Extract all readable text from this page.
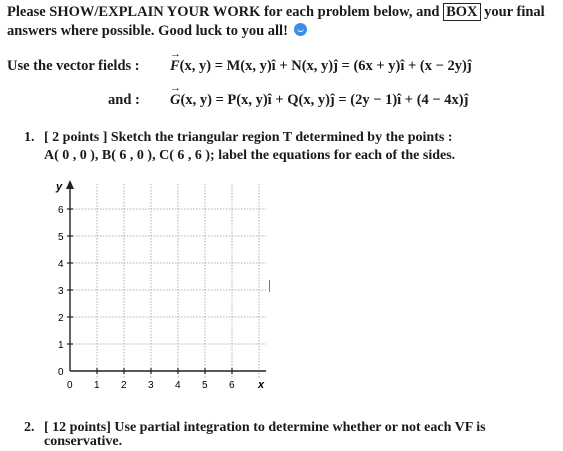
Please SHOW/EXPLAIN YOUR WORK for each problem below, and BOX your final
answers where possible. Good luck to you all!
Use the vector fields : → F(x, y) = M(x, y)î + N(x, y)ĵ = (6x + y)î + (x − 2y)ĵ
and : → G(x, y) = P(x, y)î + Q(x, y)ĵ = (2y − 1)î + (4 − 4x)ĵ
1. [ 2 points ] Sketch the triangular region T determined by the points :
A( 0 , 0 ), B( 6 , 0 ), C( 6 , 6 ); label the equations for each of the sides.
y
6
5
4
3
2
1
0
0 1 2 3 4 5 6 x
2. [ 12 points] Use partial integration to determine whether or not each VF is
conservative.
